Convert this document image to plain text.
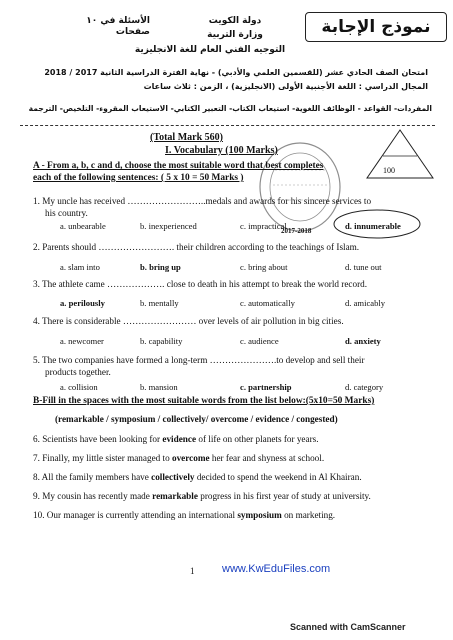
نموذج الإجابة
دولة الكويت
وزارة التربية
الأسئلة في ١٠ صفحات
التوجيه الفني العام للغة الانجليزية
امتحان الصف الحادي عشر (للقسمين العلمي والأدبي) - نهاية الفترة الدراسية الثانية 2017 / 2018
المجال الدراسي : اللغة الأجنبية الأولى (الانجليزية) ، الزمن : ثلاث ساعات
المفردات- القواعد - الوظائف اللغوية- استيعاب الكتاب- التعبير الكتابي- الاستيعاب المقروء- التلخيص- الترجمة
100
(Total Mark 560)
I. Vocabulary (100 Marks)
2017-2018
A - From a, b, c and d, choose the most suitable word that best completes
each of the following sentences: ( 5 x 10 = 50 Marks )
1. My uncle has received ……………………..medals and awards for his sincere services to
his country.
a. unbearable	b. inexperienced	c. impractical	d. innumerable
2. Parents should ……………………. their children according to the teachings of Islam.
a. slam into	b. bring up	c. bring about	d. tune out
3. The athlete came ………………. close to death in his attempt to break the world record.
a. perilously	b. mentally	c. automatically	d. amicably
4. There is considerable …………………… over levels of air pollution in big cities.
a. newcomer	b. capability	c. audience	d. anxiety
5. The two companies have formed a long-term ………………….to develop and sell their
products together.
a. collision	b. mansion	c. partnership	d. category
B-Fill in the spaces with the most suitable words from the list below:(5x10=50 Marks)
(remarkable / symposium / collectively/ overcome / evidence / congested)
6. Scientists have been looking for evidence of life on other planets for years.
7. Finally, my little sister managed to overcome her fear and shyness at school.
8. All the family members have collectively decided to spend the weekend in Al Khairan.
9. My cousin has recently made remarkable progress in his first year of study at university.
10. Our manager is currently attending an international symposium on marketing.
1	www.KwEduFiles.com
Scanned with CamScanner
